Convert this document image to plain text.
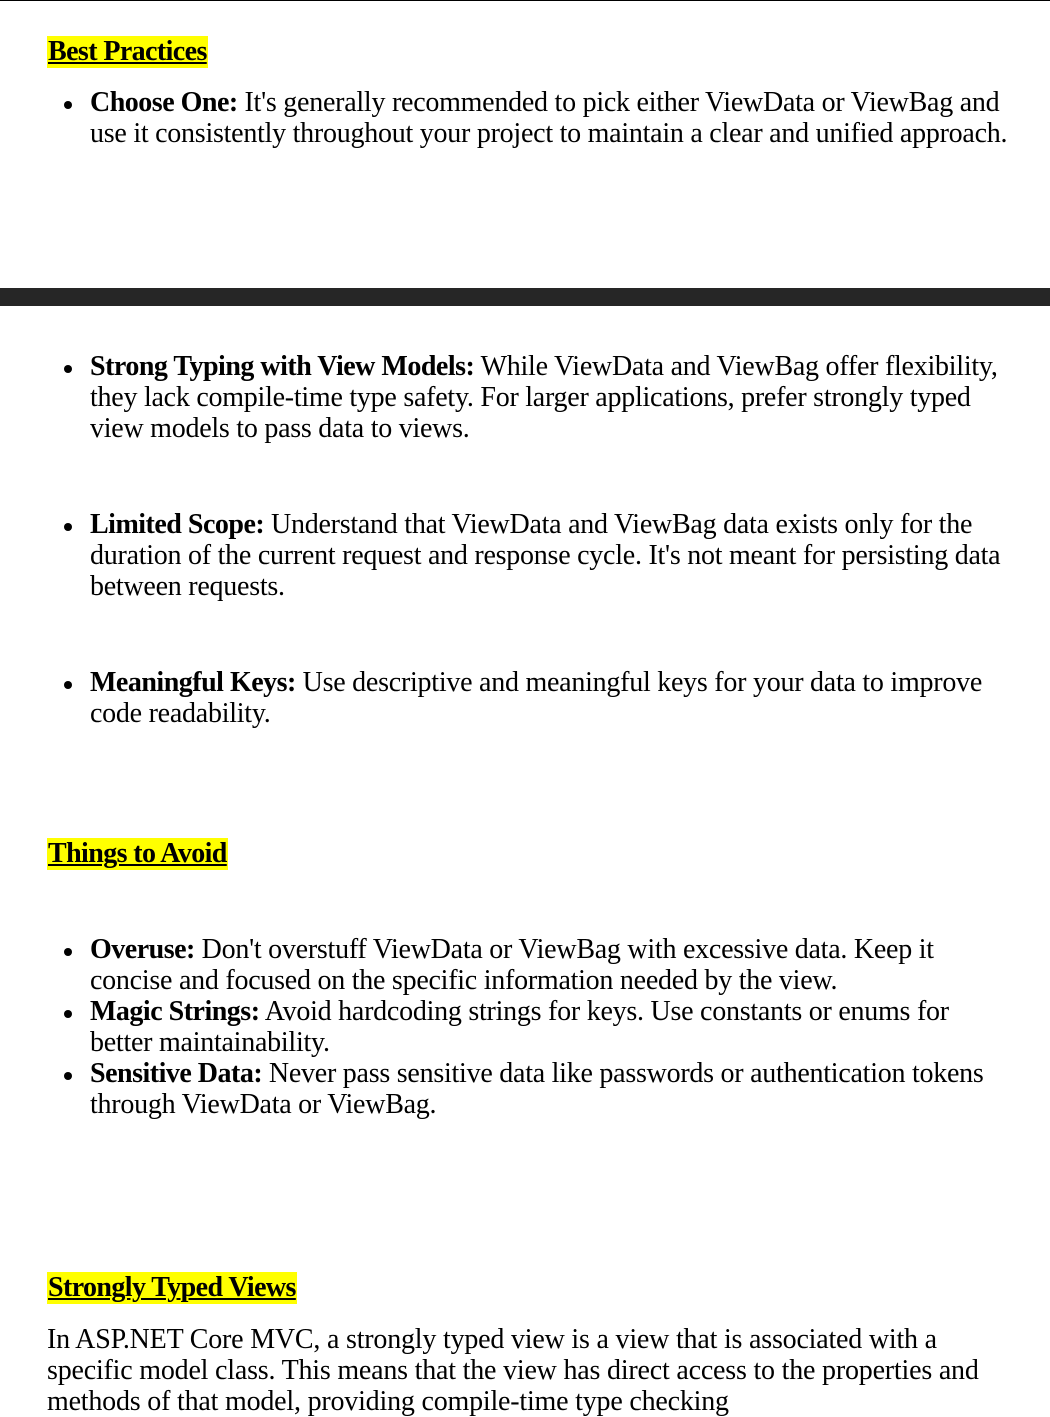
Best Practices
Choose One: It's generally recommended to pick either ViewData or ViewBag and use it consistently throughout your project to maintain a clear and unified approach.
Strong Typing with View Models: While ViewData and ViewBag offer flexibility, they lack compile-time type safety. For larger applications, prefer strongly typed view models to pass data to views.
Limited Scope: Understand that ViewData and ViewBag data exists only for the duration of the current request and response cycle. It's not meant for persisting data between requests.
Meaningful Keys: Use descriptive and meaningful keys for your data to improve code readability.
Things to Avoid
Overuse: Don't overstuff ViewData or ViewBag with excessive data. Keep it concise and focused on the specific information needed by the view.
Magic Strings: Avoid hardcoding strings for keys. Use constants or enums for better maintainability.
Sensitive Data: Never pass sensitive data like passwords or authentication tokens through ViewData or ViewBag.
Strongly Typed Views

In ASP.NET Core MVC, a strongly typed view is a view that is associated with a specific model class. This means that the view has direct access to the properties and methods of that model, providing compile-time type checking
